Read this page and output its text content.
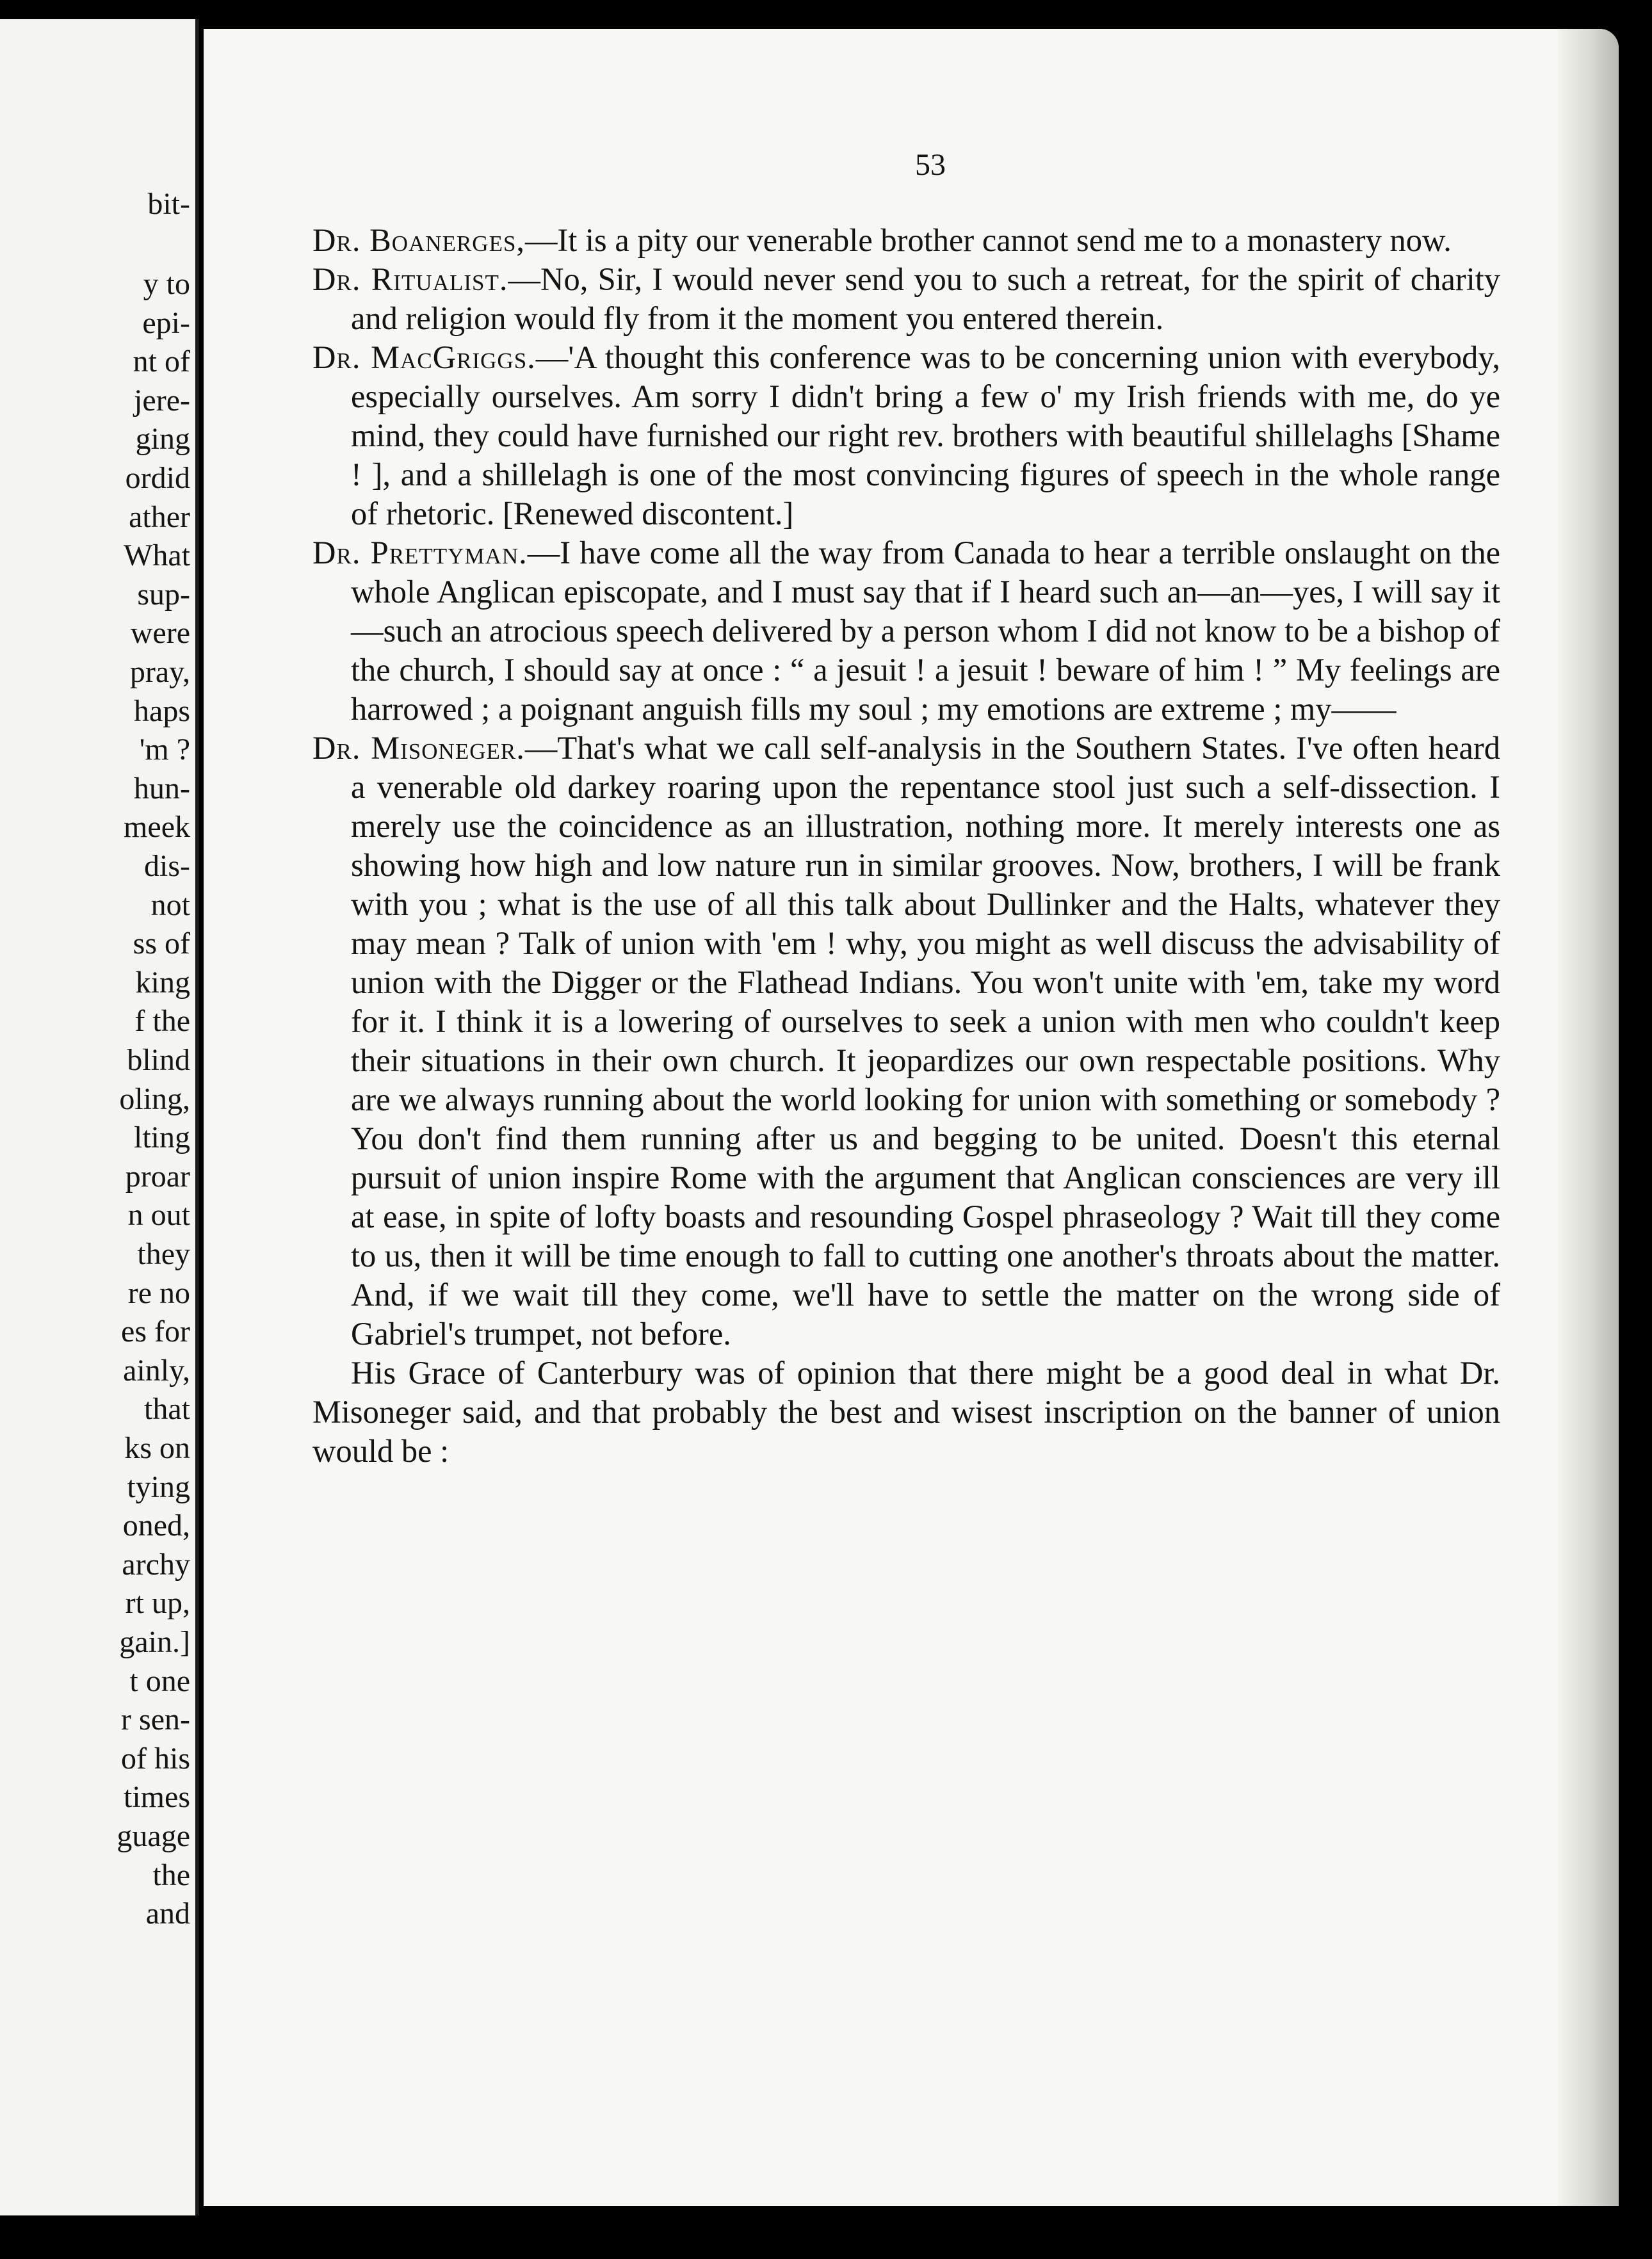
bit-
y to
epi-
nt of
jere-
ging
ordid
ather
What
sup-
were
pray,
haps
'm ?
hun-
meek
dis-
not
ss of
king
f the
blind
oling,
lting
proar
n out
they
re no
es for
ainly,
that
ks on
tying
oned,
archy
rt up,
gain.]
t one
r sen-
of his
times
guage
the
and
53

Dr. Boanerges,—It is a pity our venerable brother cannot send me to a monastery now.

Dr. Ritualist.—No, Sir, I would never send you to such a retreat, for the spirit of charity and religion would fly from it the moment you entered therein.

Dr. MacGriggs.—'A thought this conference was to be concerning union with everybody, especially ourselves. Am sorry I didn't bring a few o' my Irish friends with me, do ye mind, they could have furnished our right rev. brothers with beautiful shillelaghs [Shame ! ], and a shillelagh is one of the most convincing figures of speech in the whole range of rhetoric. [Renewed discontent.]

Dr. Prettyman.—I have come all the way from Canada to hear a terrible onslaught on the whole Anglican episcopate, and I must say that if I heard such an—an—yes, I will say it—such an atrocious speech delivered by a person whom I did not know to be a bishop of the church, I should say at once : “ a jesuit ! a jesuit ! beware of him ! ” My feelings are harrowed ; a poignant anguish fills my soul ; my emotions are extreme ; my——

Dr. Misoneger.—That's what we call self-analysis in the Southern States. I've often heard a venerable old darkey roaring upon the repentance stool just such a self-dissection. I merely use the coincidence as an illustration, nothing more. It merely interests one as showing how high and low nature run in similar grooves. Now, brothers, I will be frank with you ; what is the use of all this talk about Dullinker and the Halts, whatever they may mean ? Talk of union with 'em ! why, you might as well discuss the advisability of union with the Digger or the Flathead Indians. You won't unite with 'em, take my word for it. I think it is a lowering of ourselves to seek a union with men who couldn't keep their situations in their own church. It jeopardizes our own respectable positions. Why are we always running about the world looking for union with something or somebody ? You don't find them running after us and begging to be united. Doesn't this eternal pursuit of union inspire Rome with the argument that Anglican consciences are very ill at ease, in spite of lofty boasts and resounding Gospel phraseology ? Wait till they come to us, then it will be time enough to fall to cutting one another's throats about the matter. And, if we wait till they come, we'll have to settle the matter on the wrong side of Gabriel's trumpet, not before.

His Grace of Canterbury was of opinion that there might be a good deal in what Dr. Misoneger said, and that probably the best and wisest inscription on the banner of union would be :
